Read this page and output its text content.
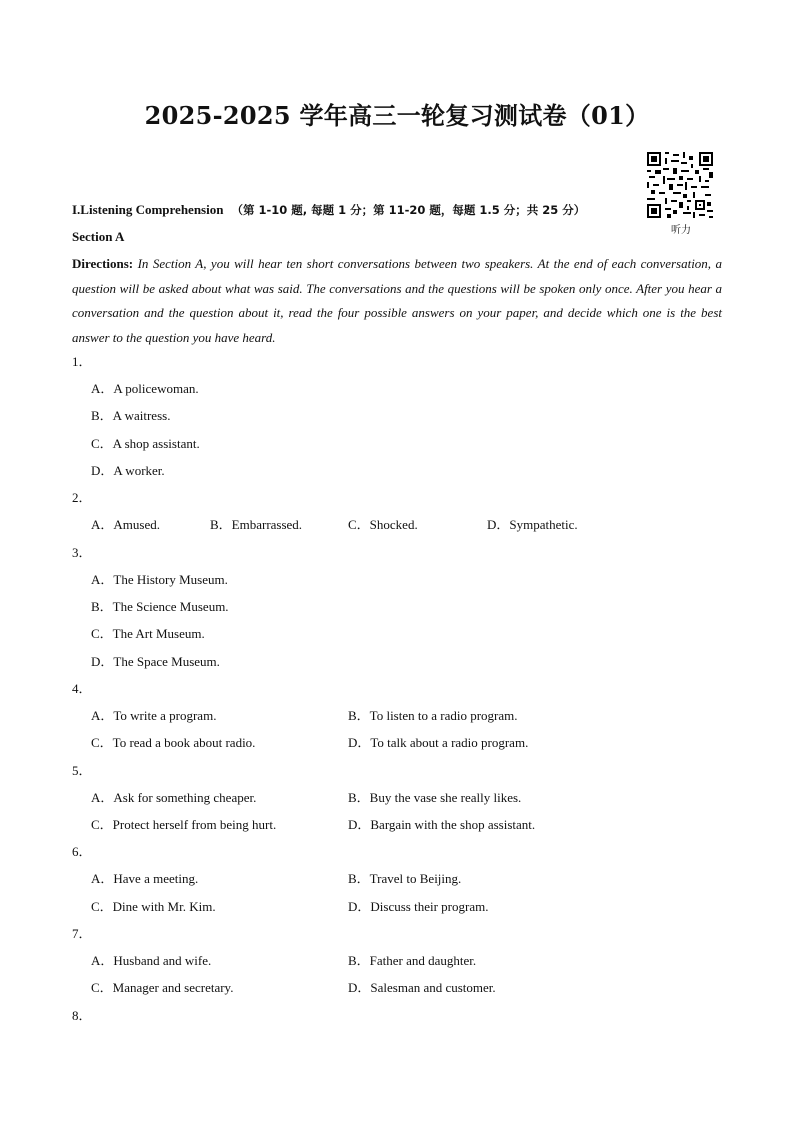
2025-2025 学年高三一轮复习测试卷（01）
听力
I.Listening Comprehension （第 1-10 题, 每题 1 分；第 11-20 题，每题 1.5 分；共 25 分）
Section A
Directions: In Section A, you will hear ten short conversations between two speakers. At the end of each conversation, a question will be asked about what was said. The conversations and the questions will be spoken only once. After you hear a conversation and the question about it, read the four possible answers on your paper, and decide which one is the best answer to the question you have heard.
1．
A．A policewoman.
B．A waitress.
C．A shop assistant.
D．A worker.
2．
A．Amused.	B．Embarrassed.	C．Shocked.	D．Sympathetic.
3．
A．The History Museum.
B．The Science Museum.
C．The Art Museum.
D．The Space Museum.
4．
A．To write a program.	B．To listen to a radio program.
C．To read a book about radio.	D．To talk about a radio program.
5．
A．Ask for something cheaper.	B．Buy the vase she really likes.
C．Protect herself from being hurt.	D．Bargain with the shop assistant.
6．
A．Have a meeting.	B．Travel to Beijing.
C．Dine with Mr. Kim.	D．Discuss their program.
7．
A．Husband and wife.	B．Father and daughter.
C．Manager and secretary.	D．Salesman and customer.
8．
